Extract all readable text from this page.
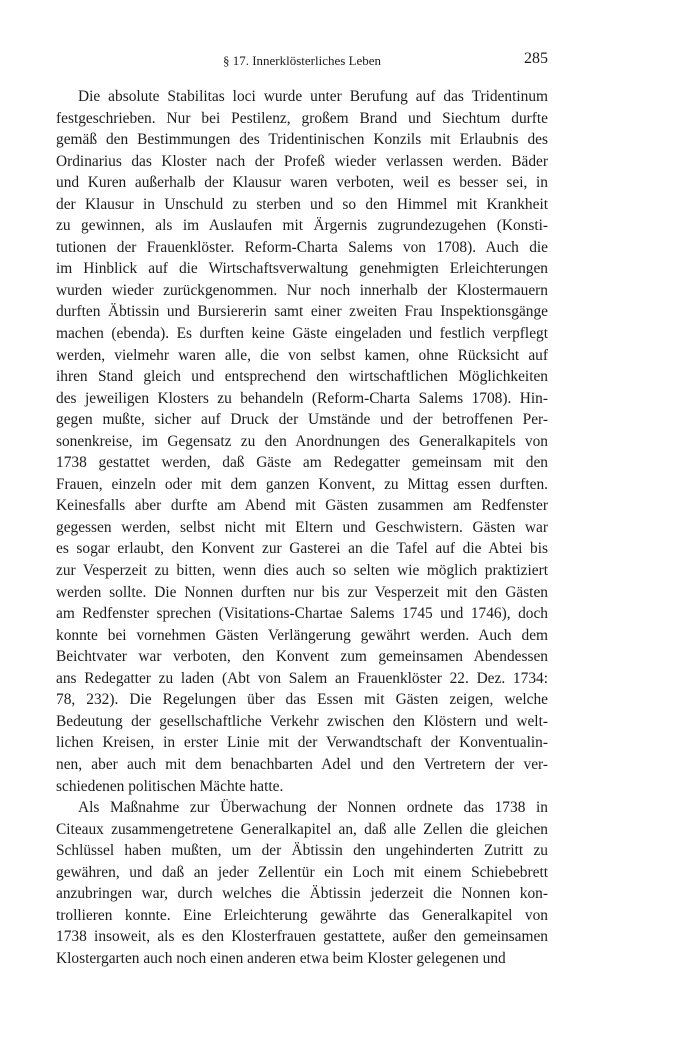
§ 17. Innerklösterliches Leben	285
Die absolute Stabilitas loci wurde unter Berufung auf das Tridentinum
festgeschrieben. Nur bei Pestilenz, großem Brand und Siechtum durfte
gemäß den Bestimmungen des Tridentinischen Konzils mit Erlaubnis des
Ordinarius das Kloster nach der Profeß wieder verlassen werden. Bäder
und Kuren außerhalb der Klausur waren verboten, weil es besser sei, in
der Klausur in Unschuld zu sterben und so den Himmel mit Krankheit
zu gewinnen, als im Auslaufen mit Ärgernis zugrundezugehen (Konsti-
tutionen der Frauenklöster. Reform-Charta Salems von 1708). Auch die
im Hinblick auf die Wirtschaftsverwaltung genehmigten Erleichterungen
wurden wieder zurückgenommen. Nur noch innerhalb der Klostermauern
durften Äbtissin und Bursiererin samt einer zweiten Frau Inspektionsgänge
machen (ebenda). Es durften keine Gäste eingeladen und festlich verpflegt
werden, vielmehr waren alle, die von selbst kamen, ohne Rücksicht auf
ihren Stand gleich und entsprechend den wirtschaftlichen Möglichkeiten
des jeweiligen Klosters zu behandeln (Reform-Charta Salems 1708). Hin-
gegen mußte, sicher auf Druck der Umstände und der betroffenen Per-
sonenkreise, im Gegensatz zu den Anordnungen des Generalkapitels von
1738 gestattet werden, daß Gäste am Redegatter gemeinsam mit den
Frauen, einzeln oder mit dem ganzen Konvent, zu Mittag essen durften.
Keinesfalls aber durfte am Abend mit Gästen zusammen am Redfenster
gegessen werden, selbst nicht mit Eltern und Geschwistern. Gästen war
es sogar erlaubt, den Konvent zur Gasterei an die Tafel auf die Abtei bis
zur Vesperzeit zu bitten, wenn dies auch so selten wie möglich praktiziert
werden sollte. Die Nonnen durften nur bis zur Vesperzeit mit den Gästen
am Redfenster sprechen (Visitations-Chartae Salems 1745 und 1746), doch
konnte bei vornehmen Gästen Verlängerung gewährt werden. Auch dem
Beichtvater war verboten, den Konvent zum gemeinsamen Abendessen
ans Redegatter zu laden (Abt von Salem an Frauenklöster 22. Dez. 1734:
78, 232). Die Regelungen über das Essen mit Gästen zeigen, welche
Bedeutung der gesellschaftliche Verkehr zwischen den Klöstern und welt-
lichen Kreisen, in erster Linie mit der Verwandtschaft der Konventualin-
nen, aber auch mit dem benachbarten Adel und den Vertretern der ver-
schiedenen politischen Mächte hatte.
Als Maßnahme zur Überwachung der Nonnen ordnete das 1738 in
Citeaux zusammengetretene Generalkapitel an, daß alle Zellen die gleichen
Schlüssel haben mußten, um der Äbtissin den ungehinderten Zutritt zu
gewähren, und daß an jeder Zellentür ein Loch mit einem Schiebebrett
anzubringen war, durch welches die Äbtissin jederzeit die Nonnen kon-
trollieren konnte. Eine Erleichterung gewährte das Generalkapitel von
1738 insoweit, als es den Klosterfrauen gestattete, außer den gemeinsamen
Klostergarten auch noch einen anderen etwa beim Kloster gelegenen und
